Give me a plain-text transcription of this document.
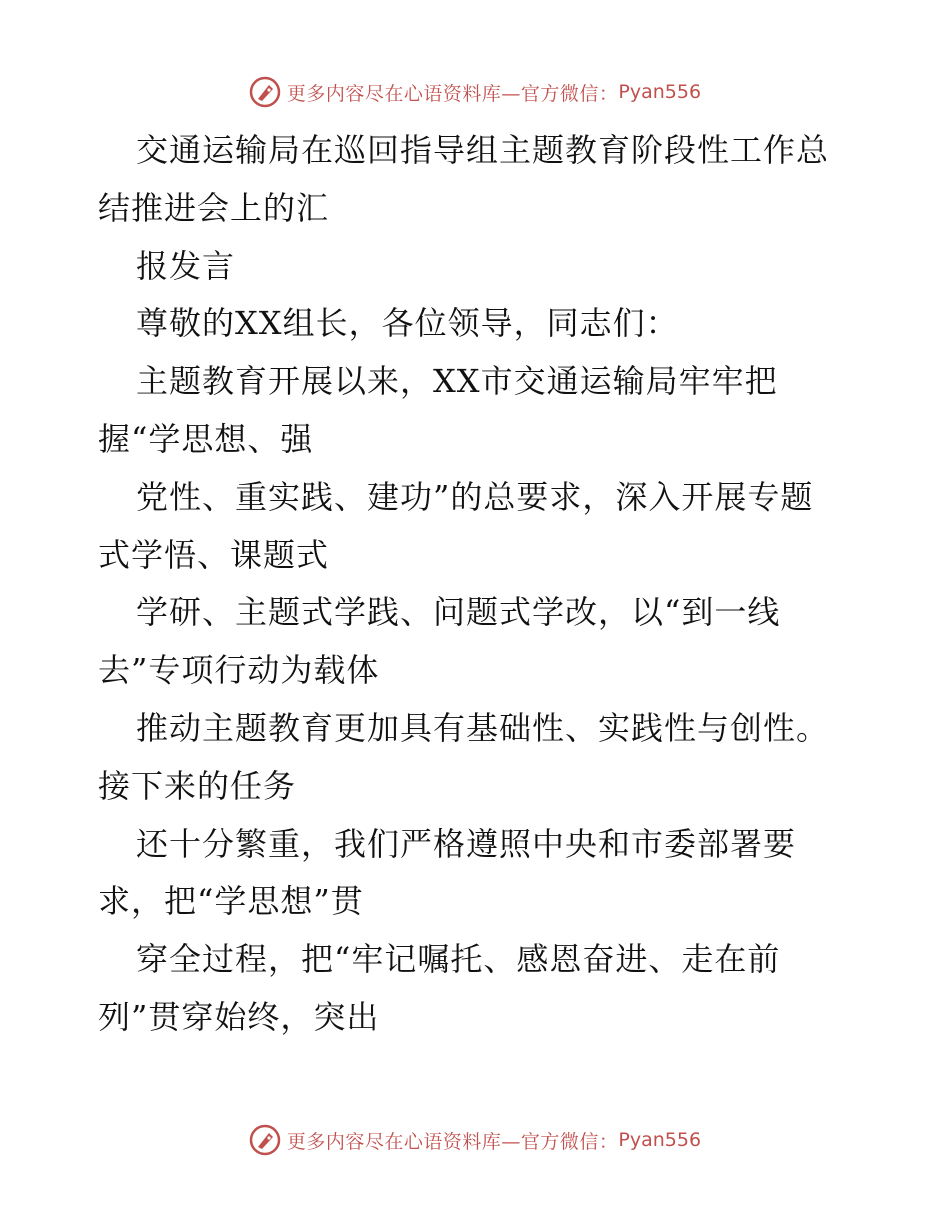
更多内容尽在心语资料库—官方微信： Pyan556
交通运输局在巡回指导组主题教育阶段性工作总
结推进会上的汇
报发言
尊敬的XX组长，各位领导，同志们：
主题教育开展以来，XX市交通运输局牢牢把
握“学思想、强
党性、重实践、建功”的总要求，深入开展专题
式学悟、课题式
学研、主题式学践、问题式学改，以“到一线
去”专项行动为载体
推动主题教育更加具有基础性、实践性与创性。
接下来的任务
还十分繁重，我们严格遵照中央和市委部署要
求，把“学思想”贯
穿全过程，把“牢记嘱托、感恩奋进、走在前
列”贯穿始终，突出
更多内容尽在心语资料库—官方微信： Pyan556
